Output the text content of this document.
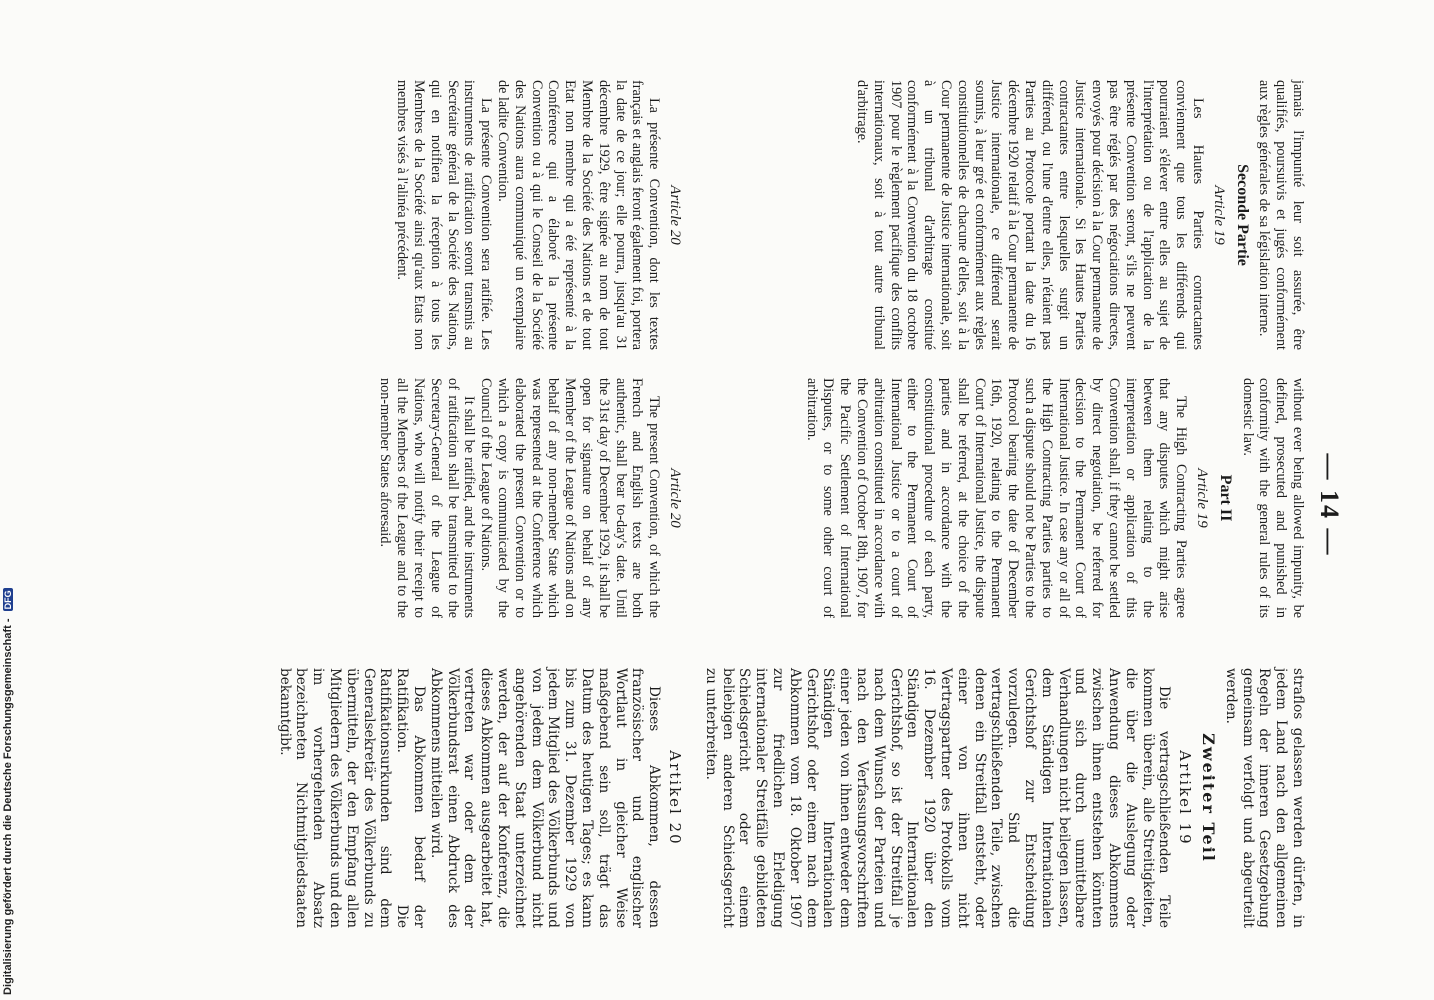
— 14 —

jamais l'impunité leur soit assurée, être qualifiés, poursuivis et jugés conformément aux règles générales de sa législation interne.

Seconde Partie
Article 19

Les Hautes Parties contractantes conviennent que tous les différends qui pourraient s'élever entre elles au sujet de l'interprétation ou de l'application de la présente Convention seront, s'ils ne peuvent pas être réglés par des négociations directes, envoyés pour décision à la Cour permanente de Justice internationale. Si les Hautes Parties contractantes entre lesquelles surgit un différend, ou l'une d'entre elles, n'étaient pas Parties au Protocole portant la date du 16 décembre 1920 relatif à la Cour permanente de Justice internationale, ce différend serait soumis, à leur gré et conformément aux règles constitutionnelles de chacune d'elles, soit à la Cour permanente de Justice internationale, soit à un tribunal d'arbitrage constitué conformément à la Convention du 18 octobre 1907 pour le règlement pacifique des conflits internationaux, soit à tout autre tribunal d'arbitrage.

without ever being allowed impunity, be defined, prosecuted and punished in conformity with the general rules of its domestic law.

Part II
Article 19

The High Contracting Parties agree that any disputes which might arise between them relating to the interpretation or application of this Convention shall, if they cannot be settled by direct negotiation, be referred for decision to the Permanent Court of International Justice. In case any or all of the High Contracting Parties parties to such a dispute should not be Parties to the Protocol bearing the date of December 16th, 1920, relating to the Permanent Court of International Justice, the dispute shall be referred, at the choice of the parties and in accordance with the constitutional procedure of each party, either to the Permanent Court of International Justice or to a court of arbitration constituted in accordance with the Convention of October 18th, 1907, for the Pacific Settlement of International Disputes, or to some other court of arbitration.

straflos gelassen werden dürfen, in jedem Land nach den allgemeinen Regeln der inneren Gesetzgebung gemeinsam verfolgt und abgeurteilt werden.

Zweiter Teil
Artikel 19

Die vertragschließenden Teile kommen überein, alle Streitigkeiten, die über die Auslegung oder Anwendung dieses Abkommens zwischen ihnen entstehen könnten und sich durch unmittelbare Verhandlungen nicht beilegen lassen, dem Ständigen Internationalen Gerichtshof zur Entscheidung vorzulegen. Sind die vertragschließenden Teile, zwischen denen ein Streitfall entsteht, oder einer von ihnen nicht Vertragspartner des Protokolls vom 16. Dezember 1920 über den Ständigen Internationalen Gerichtshof, so ist der Streitfall je nach dem Wunsch der Parteien und nach den Verfassungsvorschriften einer jeden von ihnen entweder dem Ständigen Internationalen Gerichtshof oder einem nach dem Abkommen vom 18. Oktober 1907 zur friedlichen Erledigung internationaler Streitfälle gebildeten Schiedsgericht oder einem beliebigen anderen Schiedsgericht zu unterbreiten.

Article 20

La présente Convention, dont les textes français et anglais feront également foi, portera la date de ce jour; elle pourra, jusqu'au 31 décembre 1929, être signée au nom de tout Membre de la Société des Nations et de tout Etat non membre qui a été représenté à la Conférence qui a élaboré la présente Convention ou à qui le Conseil de la Société des Nations aura communiqué un exemplaire de ladite Convention.

La présente Convention sera ratifiée. Les instruments de ratification seront transmis au Secrétaire général de la Société des Nations, qui en notifiera la réception à tous les Membres de la Société ainsi qu'aux Etats non membres visés à l'alinéa précédent.

Article 20

The present Convention, of which the French and English texts are both authentic, shall bear to-day's date. Until the 31st day of December 1929, it shall be open for signature on behalf of any Member of the League of Nations and on behalf of any non-member State which was represented at the Conference which elaborated the present Convention or to which a copy is communicated by the Council of the League of Nations.

It shall be ratified, and the instruments of ratification shall be transmitted to the Secretary-General of the League of Nations, who will notify their receipt to all the Members of the League and to the non-member States aforesaid.

Artikel 20

Dieses Abkommen, dessen französischer und englischer Wortlaut in gleicher Weise maßgebend sein soll, trägt das Datum des heutigen Tages; es kann bis zum 31. Dezember 1929 von jedem Mitglied des Völkerbunds und von jedem dem Völkerbund nicht angehörenden Staat unterzeichnet werden, der auf der Konferenz, die dieses Abkommen ausgearbeitet hat, vertreten war oder dem der Völkerbundsrat einen Abdruck des Abkommens mitteilen wird.

Das Abkommen bedarf der Ratifikation. Die Ratifikationsurkunden sind dem Generalsekretär des Völkerbunds zu übermitteln, der den Empfang allen Mitgliedern des Völkerbunds und den im vorhergehenden Absatz bezeichneten Nichtmitgliedstaaten bekanntgibt.

Digitalisierung gefördert durch die Deutsche Forschungsgemeinschaft - DFG
